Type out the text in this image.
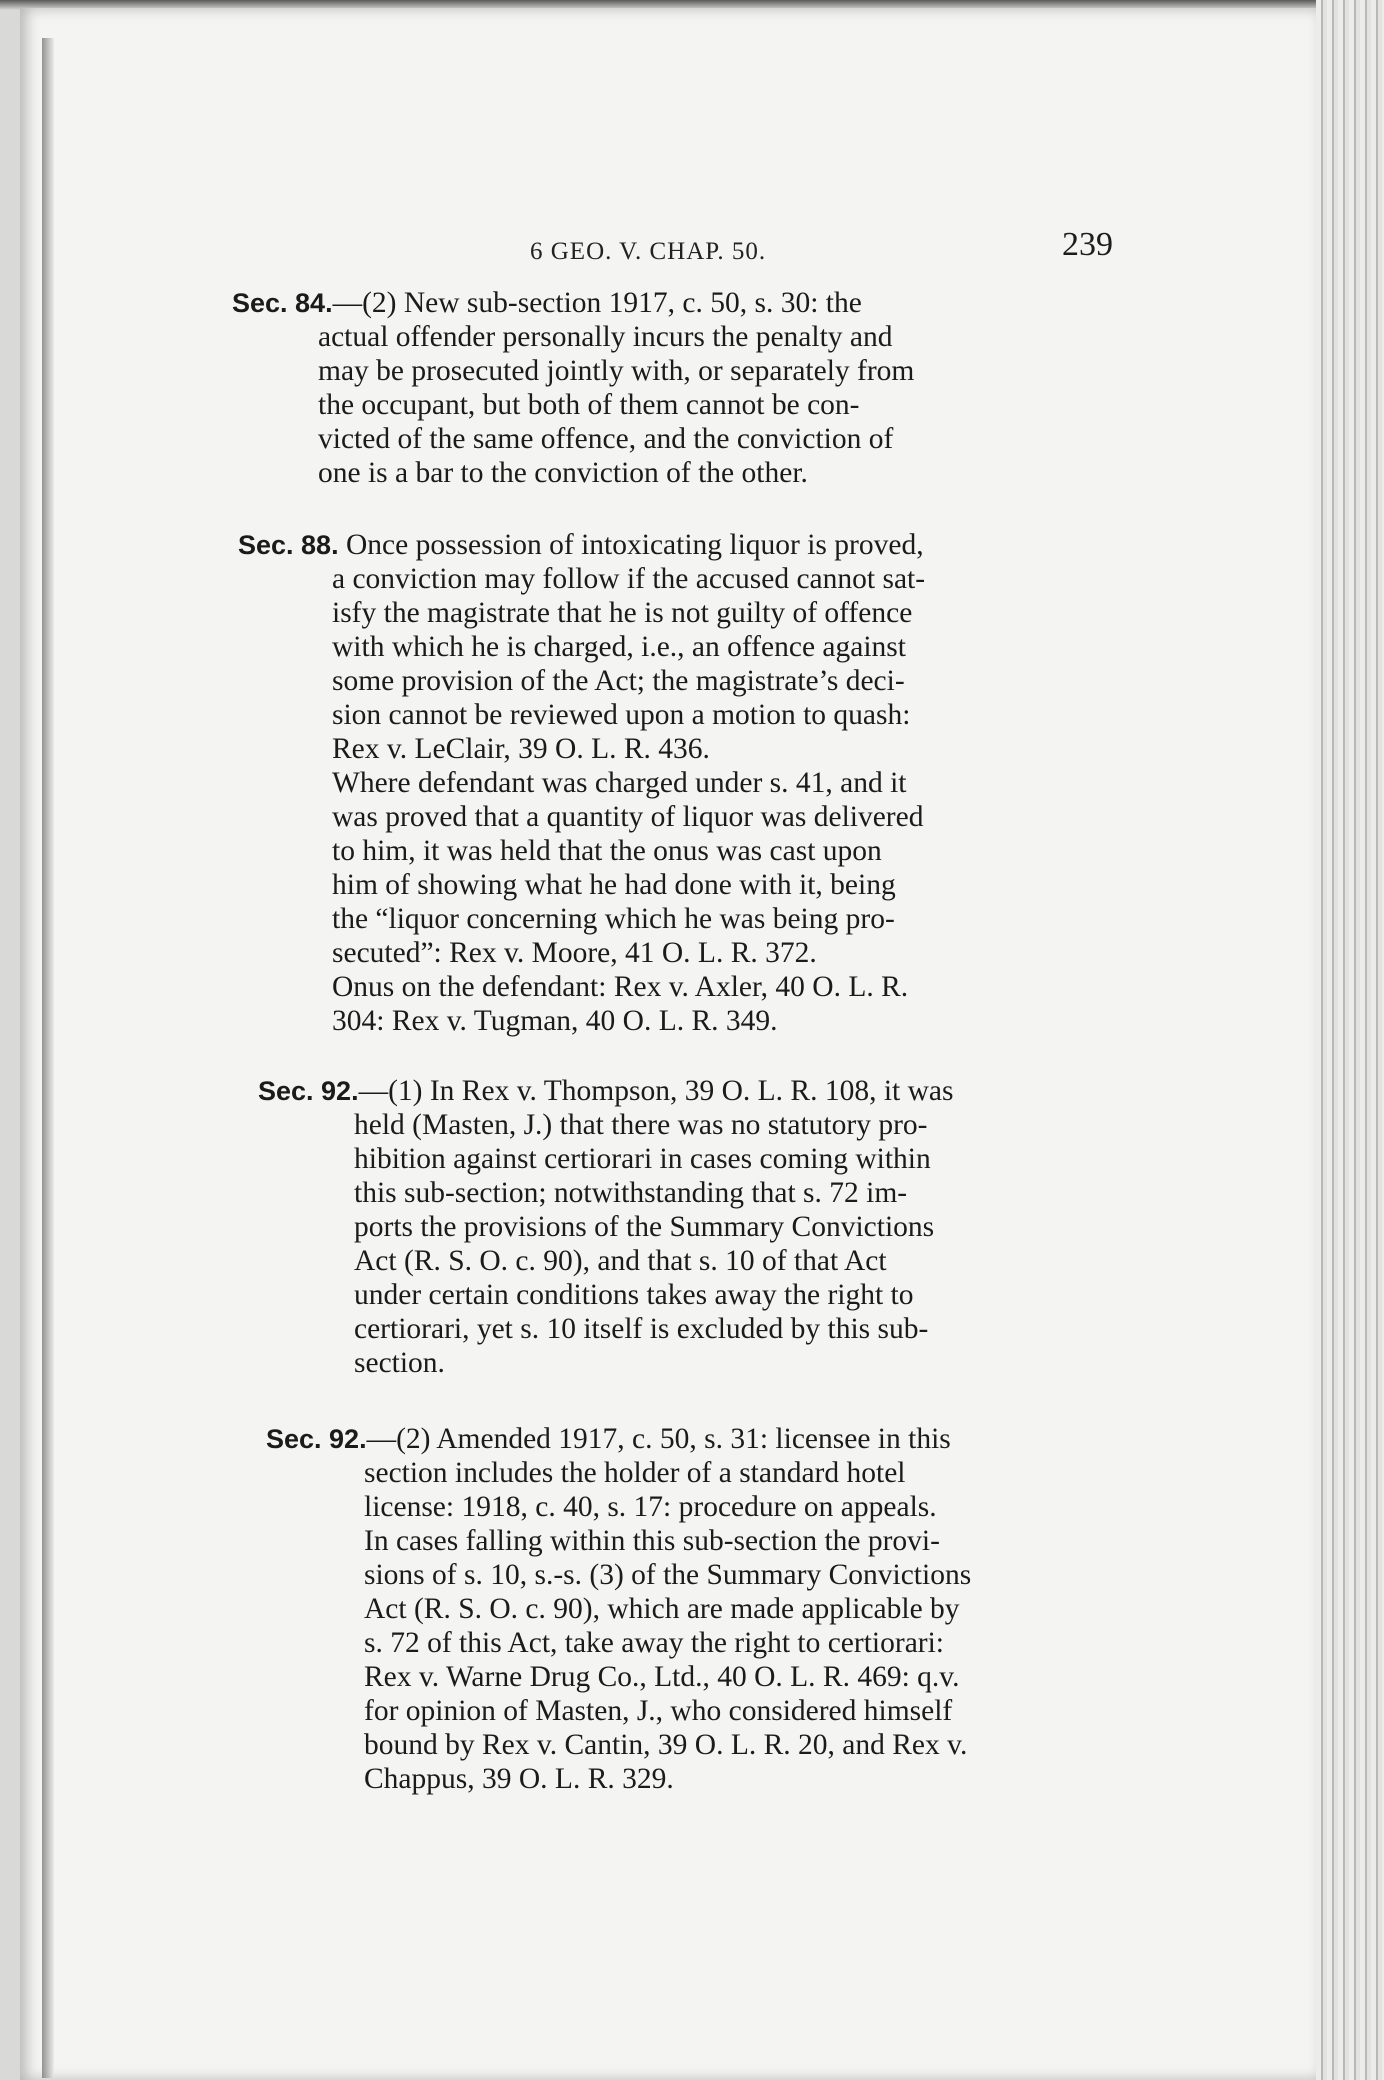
6 GEO. V. CHAP. 50.	239
Sec. 84.—(2) New sub-section 1917, c. 50, s. 30: the
actual offender personally incurs the penalty and
may be prosecuted jointly with, or separately from
the occupant, but both of them cannot be con-
victed of the same offence, and the conviction of
one is a bar to the conviction of the other.
Sec. 88. Once possession of intoxicating liquor is proved,
a conviction may follow if the accused cannot sat-
isfy the magistrate that he is not guilty of offence
with which he is charged, i.e., an offence against
some provision of the Act; the magistrate’s deci-
sion cannot be reviewed upon a motion to quash:
Rex v. LeClair, 39 O. L. R. 436.
Where defendant was charged under s. 41, and it
was proved that a quantity of liquor was delivered
to him, it was held that the onus was cast upon
him of showing what he had done with it, being
the “liquor concerning which he was being pro-
secuted”: Rex v. Moore, 41 O. L. R. 372.
Onus on the defendant: Rex v. Axler, 40 O. L. R.
304: Rex v. Tugman, 40 O. L. R. 349.
Sec. 92.—(1) In Rex v. Thompson, 39 O. L. R. 108, it was
held (Masten, J.) that there was no statutory pro-
hibition against certiorari in cases coming within
this sub-section; notwithstanding that s. 72 im-
ports the provisions of the Summary Convictions
Act (R. S. O. c. 90), and that s. 10 of that Act
under certain conditions takes away the right to
certiorari, yet s. 10 itself is excluded by this sub-
section.
Sec. 92.—(2) Amended 1917, c. 50, s. 31: licensee in this
section includes the holder of a standard hotel
license: 1918, c. 40, s. 17: procedure on appeals.
In cases falling within this sub-section the provi-
sions of s. 10, s.-s. (3) of the Summary Convictions
Act (R. S. O. c. 90), which are made applicable by
s. 72 of this Act, take away the right to certiorari:
Rex v. Warne Drug Co., Ltd., 40 O. L. R. 469: q.v.
for opinion of Masten, J., who considered himself
bound by Rex v. Cantin, 39 O. L. R. 20, and Rex v.
Chappus, 39 O. L. R. 329.
